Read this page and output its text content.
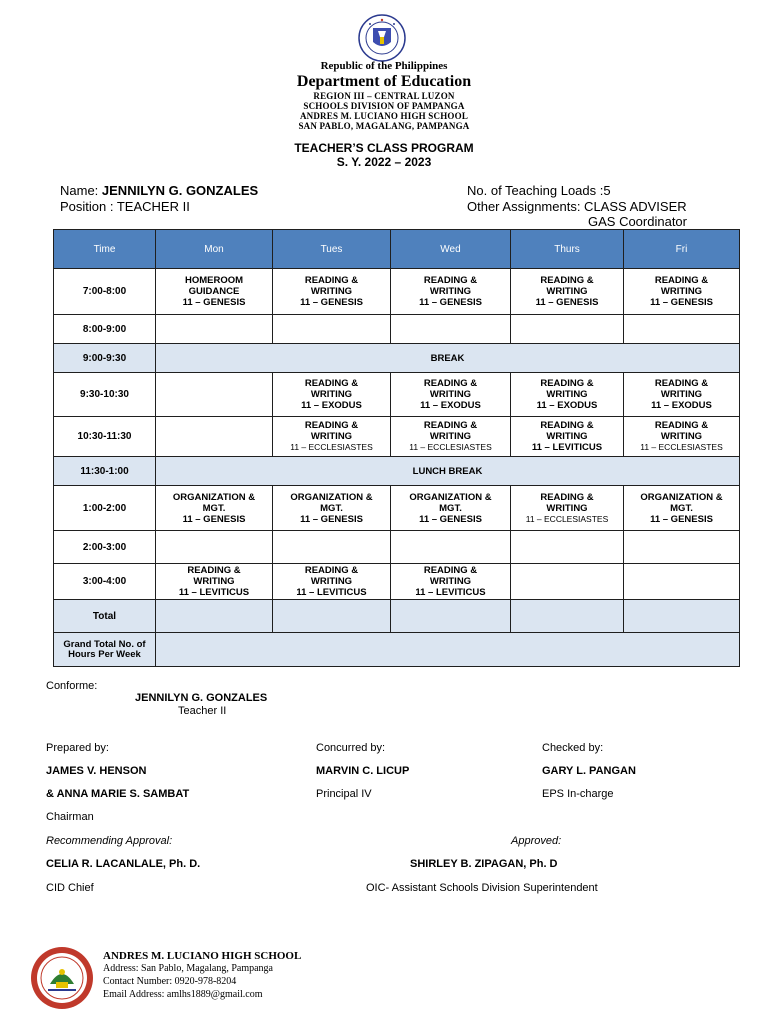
Republic of the Philippines
Department of Education
REGION III – CENTRAL LUZON
SCHOOLS DIVISION OF PAMPANGA
ANDRES M. LUCIANO HIGH SCHOOL
SAN PABLO, MAGALANG, PAMPANGA
TEACHER’S CLASS PROGRAM
S. Y. 2022 – 2023
Name: JENNILYN G. GONZALES
Position : TEACHER II
No. of Teaching Loads :5
Other Assignments: CLASS ADVISER
GAS Coordinator
Time	Mon	Tues	Wed	Thurs	Fri
7:00-8:00	HOMEROOM
GUIDANCE
11 – GENESIS	READING &
WRITING
11 – GENESIS	READING &
WRITING
11 – GENESIS	READING &
WRITING
11 – GENESIS	READING &
WRITING
11 – GENESIS

8:00-9:00					
9:00-9:30	BREAK				
9:30-10:30		READING &
WRITING
11 – EXODUS	READING &
WRITING
11 – EXODUS	READING &
WRITING
11 – EXODUS	READING &
WRITING
11 – EXODUS

10:30-11:30		READING &
WRITING
11 – ECCLESIASTES	READING &
WRITING
11 – ECCLESIASTES	READING &
WRITING
11 – LEVITICUS	READING &
WRITING
11 – ECCLESIASTES

11:30-1:00	LUNCH BREAK				
1:00-2:00	ORGANIZATION &
MGT.
11 – GENESIS	ORGANIZATION &
MGT.
11 – GENESIS	ORGANIZATION &
MGT.
11 – GENESIS	READING &
WRITING
11 – ECCLESIASTES	ORGANIZATION &
MGT.
11 – GENESIS

2:00-3:00					
3:00-4:00	READING &
WRITING
11 – LEVITICUS	READING &
WRITING
11 – LEVITICUS	READING &
WRITING
11 – LEVITICUS		

Total					
Grand Total No. of Hours Per Week					
Conforme:
JENNILYN G. GONZALES
Teacher II
Prepared by:
JAMES V. HENSON
& ANNA MARIE S. SAMBAT
Chairman
Concurred by:
MARVIN C. LICUP
Principal IV
Checked by:
GARY L. PANGAN
EPS In-charge
Recommending Approval:
CELIA R. LACANLALE, Ph. D.
CID Chief
Approved:
SHIRLEY B. ZIPAGAN, Ph. D
OIC- Assistant Schools Division Superintendent
ANDRES M. LUCIANO HIGH SCHOOL
Address: San Pablo, Magalang, Pampanga
Contact Number: 0920-978-8204
Email Address: amlhs1889@gmail.com
